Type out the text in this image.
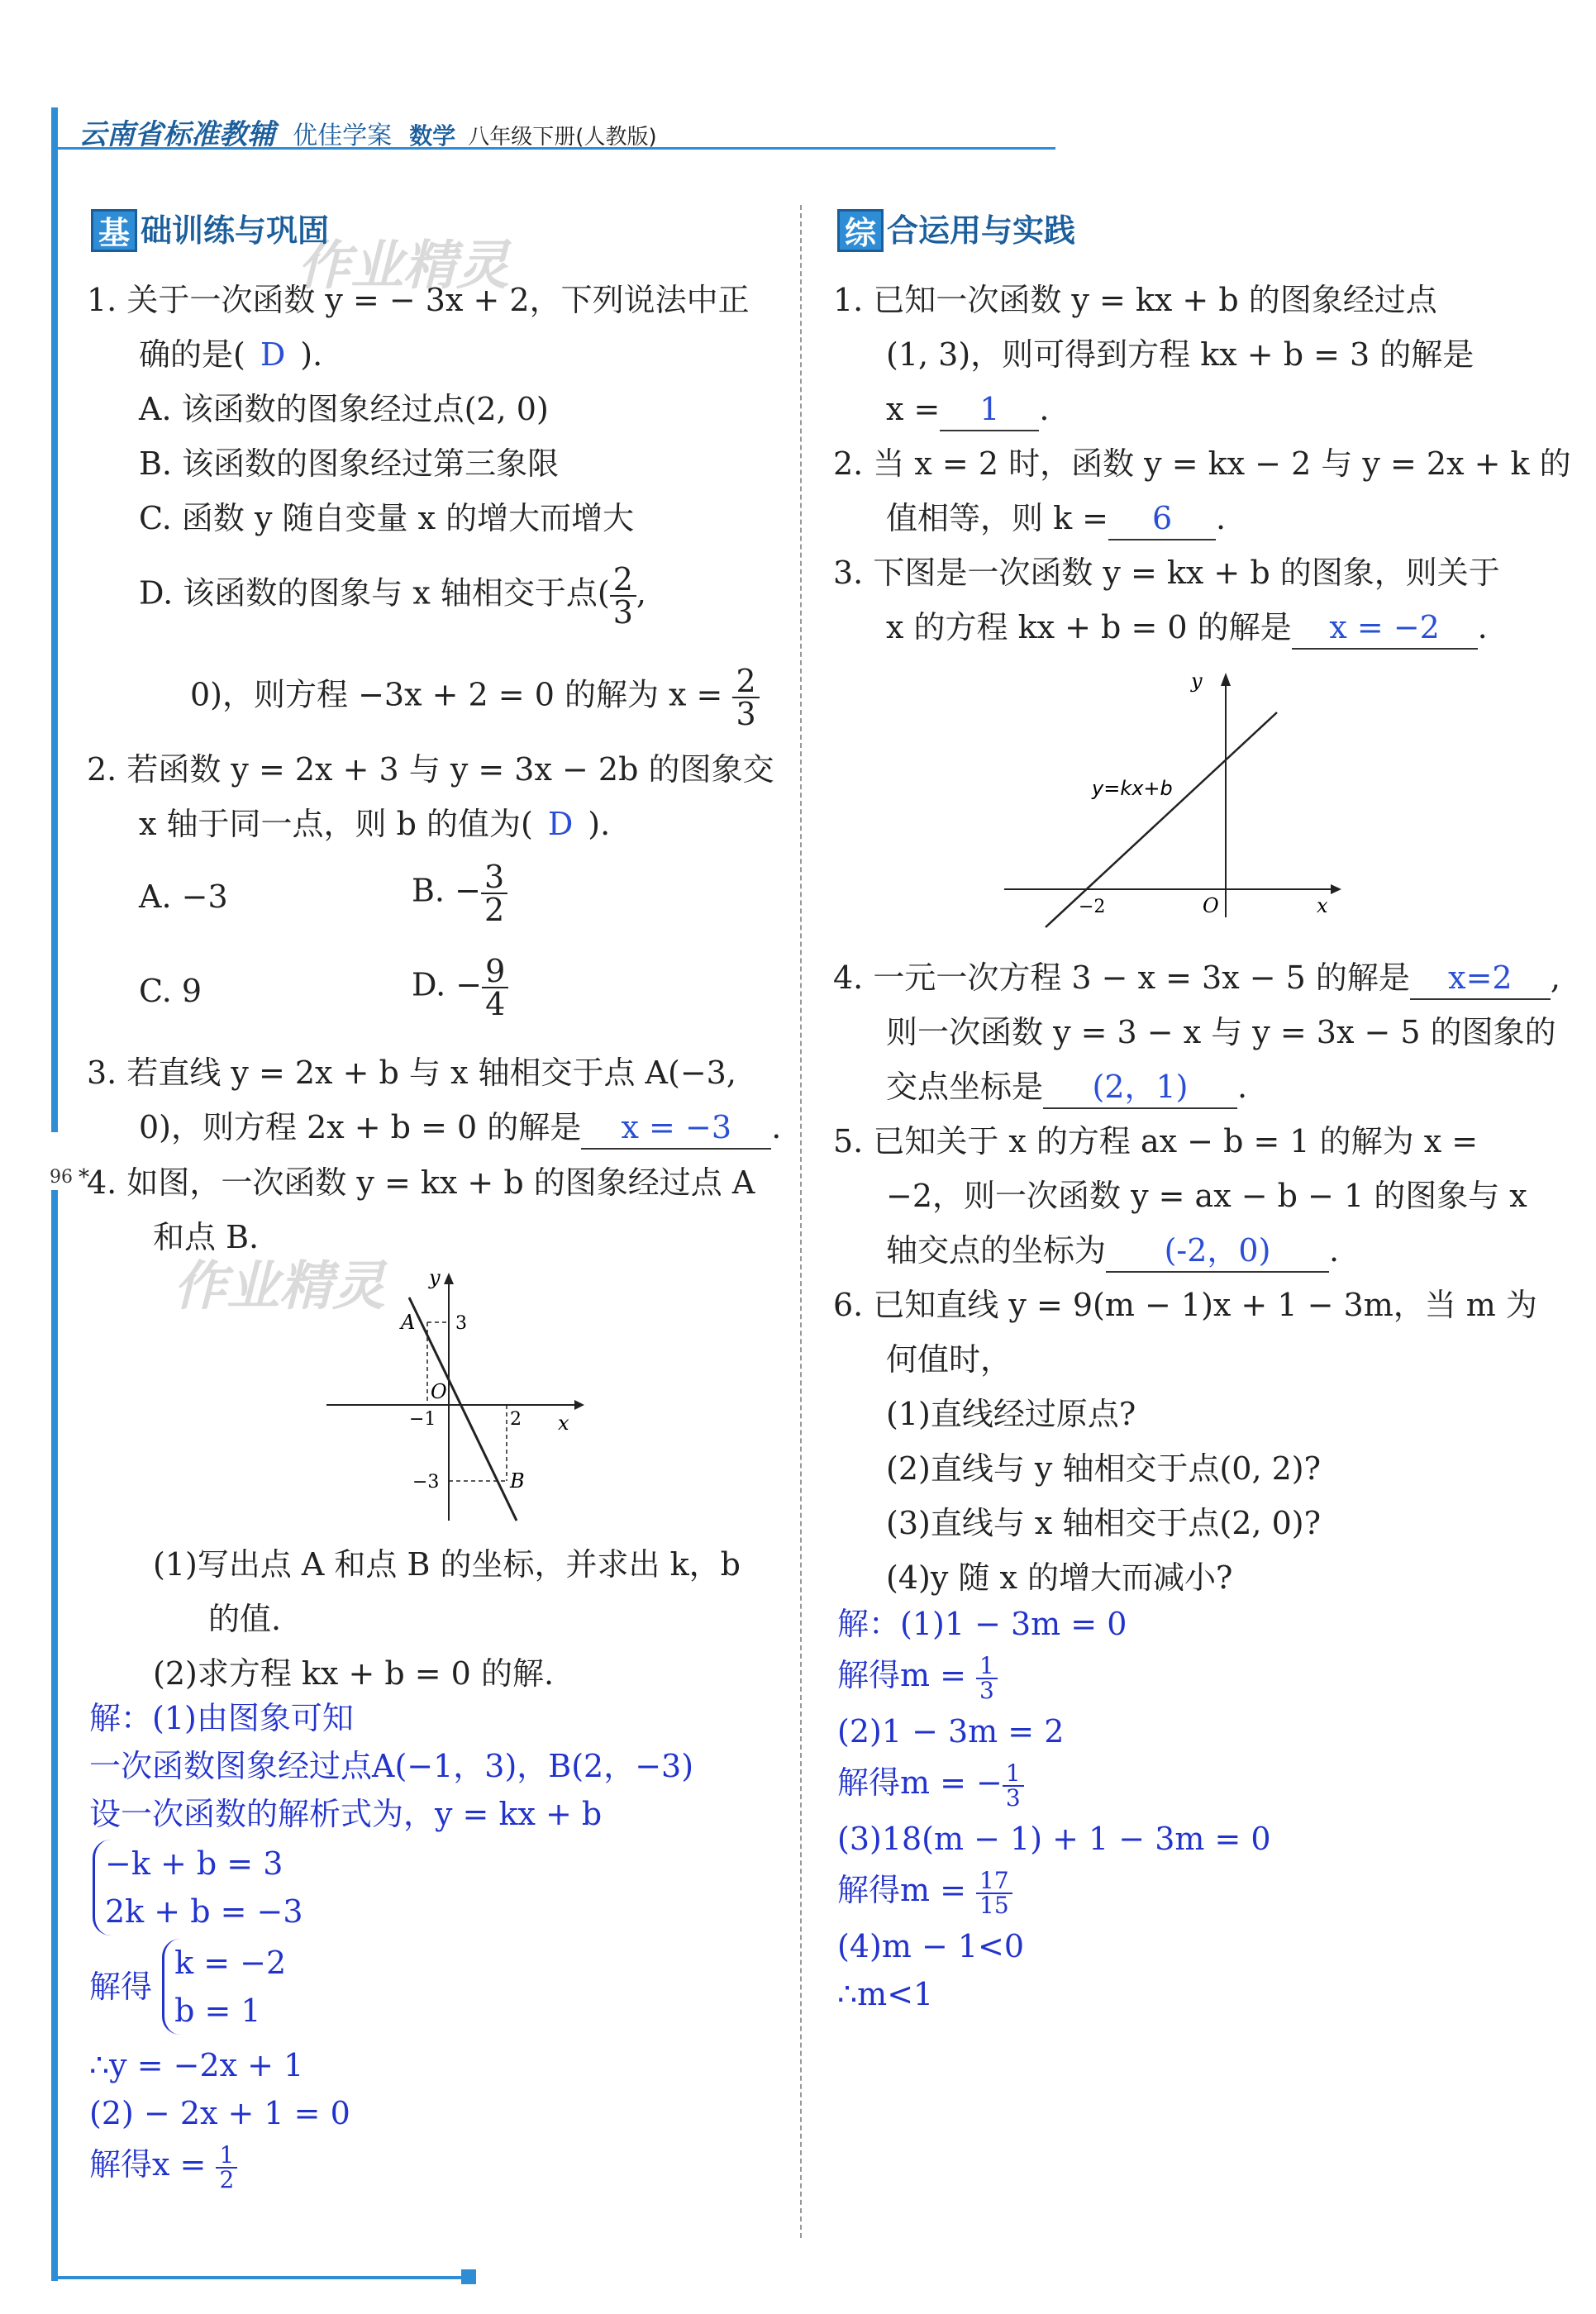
云南省标准教辅 优佳学案 数学 八年级下册(人教版)
96
作业精灵
作业精灵
基 础训练与巩固
1. 关于一次函数 y = − 3x + 2，下列说法中正
确的是( D ).
A. 该函数的图象经过点(2, 0)
B. 该函数的图象经过第三象限
C. 函数 y 随自变量 x 的增大而增大
D. 该函数的图象与 x 轴相交于点( $\frac{2}{3}$ ,
0)，则方程 −3x + 2 = 0 的解为 $x = \frac{2}{3}$
2. 若函数 y = 2x + 3 与 y = 3x − 2b 的图象交
x 轴于同一点，则 b 的值为( D ).
A. −3	B. − $\frac{3}{2}$
C. 9	D. − $\frac{9}{4}$
3. 若直线 y = 2x + b 与 x 轴相交于点 A(−3,
0)，则方程 2x + b = 0 的解是 x = −3 .
*
4. 如图，一次函数 y = kx + b 的图象经过点 A
和点 B.
y
x
A
B
O
3
−1	2
−3
(1)写出点 A 和点 B 的坐标，并求出 k，b
的值.
(2)求方程 kx + b = 0 的解.
解：(1)由图象可知
一次函数图象经过点A(−1，3)，B(2，−3)
设一次函数的解析式为，y = kx + b
−k + b = 3
2k + b = −3
解得
k = −2
b = 1
∴y = −2x + 1
(2) − 2x + 1 = 0
解得$x = \frac{1}{2}$
综 合运用与实践
1. 已知一次函数 y = kx + b 的图象经过点
(1, 3)，则可得到方程 kx + b = 3 的解是
x = 1 .
2. 当 x = 2 时，函数 y = kx − 2 与 y = 2x + k 的
值相等，则 k = 6 .
3. 下图是一次函数 y = kx + b 的图象，则关于
x 的方程 kx + b = 0 的解是 x = −2 .
y
x
y=kx+b
O
−2
4. 一元一次方程 3 − x = 3x − 5 的解是 x=2 ,
则一次函数 y = 3 − x 与 y = 3x − 5 的图象的
交点坐标是 (2，1) .
5. 已知关于 x 的方程 ax − b = 1 的解为 x =
−2，则一次函数 y = ax − b − 1 的图象与 x
轴交点的坐标为 (-2，0) .
6. 已知直线 y = 9(m − 1)x + 1 − 3m，当 m 为
何值时，
(1)直线经过原点?
(2)直线与 y 轴相交于点(0, 2)?
(3)直线与 x 轴相交于点(2, 0)?
(4)y 随 x 的增大而减小?
解：(1)1 − 3m = 0
解得$m = \frac{1}{3}$
(2)1 − 3m = 2
解得m = − $\frac{1}{3}$
(3)18(m − 1) + 1 − 3m = 0
解得$m = \frac{17}{15}$
(4)m − 1<0
∴m<1
